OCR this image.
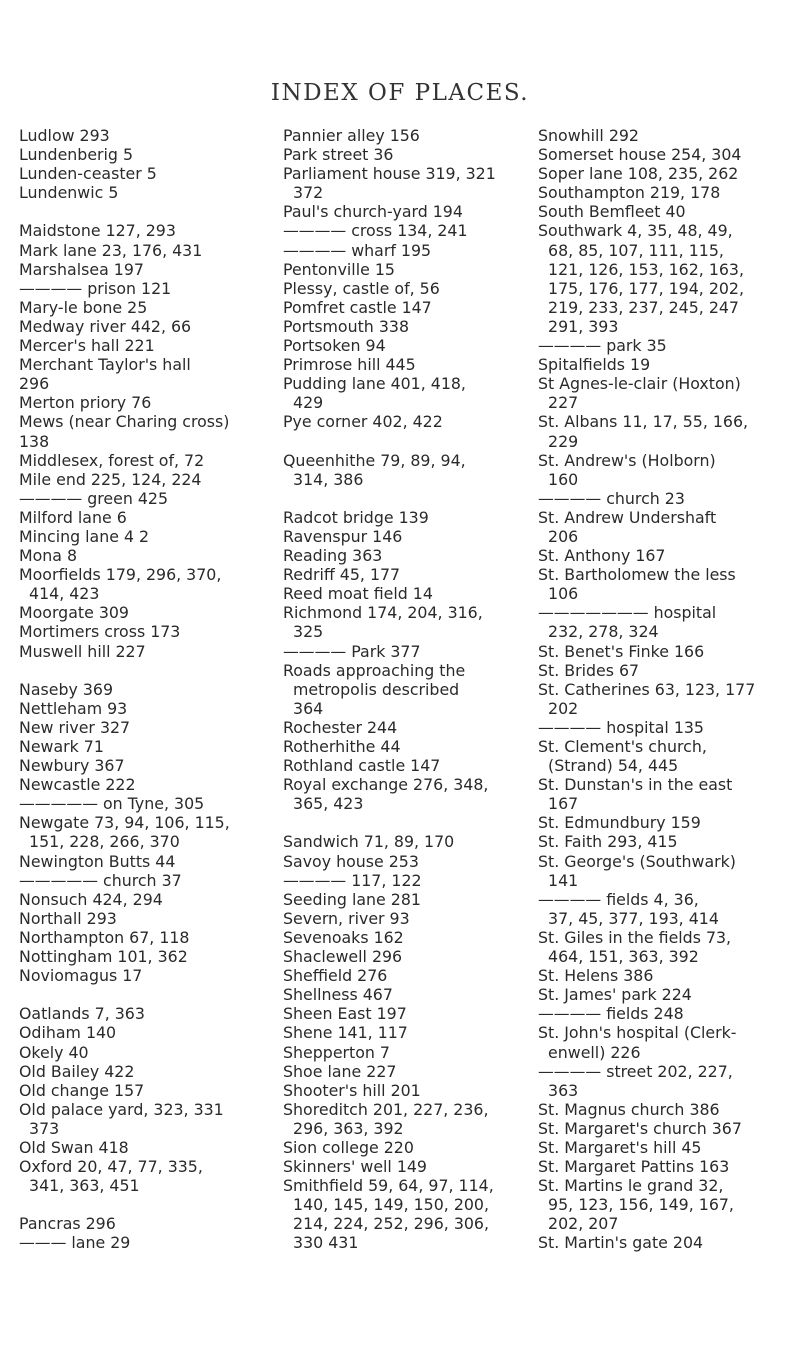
INDEX OF PLACES.
Ludlow 293
Lundenberig 5
Lunden-ceaster 5
Lundenwic 5

Maidstone 127, 293
Mark lane 23, 176, 431
Marshalsea 197
———— prison 121
Mary-le bone 25
Medway river 442, 66
Mercer's hall 221
Merchant Taylor's hall
296
Merton priory 76
Mews (near Charing cross)
138
Middlesex, forest of, 72
Mile end 225, 124, 224
———— green 425
Milford lane 6
Mincing lane 4 2
Mona 8
Moorfields 179, 296, 370,
414, 423
Moorgate 309
Mortimers cross 173
Muswell hill 227

Naseby 369
Nettleham 93
New river 327
Newark 71
Newbury 367
Newcastle 222
————— on Tyne, 305
Newgate 73, 94, 106, 115,
151, 228, 266, 370
Newington Butts 44
————— church 37
Nonsuch 424, 294
Northall 293
Northampton 67, 118
Nottingham 101, 362
Noviomagus 17

Oatlands 7, 363
Odiham 140
Okely 40
Old Bailey 422
Old change 157
Old palace yard, 323, 331
373
Old Swan 418
Oxford 20, 47, 77, 335,
341, 363, 451

Pancras 296
——— lane 29
Pannier alley 156
Park street 36
Parliament house 319, 321
372
Paul's church-yard 194
———— cross 134, 241
———— wharf 195
Pentonville 15
Plessy, castle of, 56
Pomfret castle 147
Portsmouth 338
Portsoken 94
Primrose hill 445
Pudding lane 401, 418,
429
Pye corner 402, 422

Queenhithe 79, 89, 94,
314, 386

Radcot bridge 139
Ravenspur 146
Reading 363
Redriff 45, 177
Reed moat field 14
Richmond 174, 204, 316,
325
———— Park 377
Roads approaching the
metropolis described
364
Rochester 244
Rotherhithe 44
Rothland castle 147
Royal exchange 276, 348,
365, 423

Sandwich 71, 89, 170
Savoy house 253
———— 117, 122
Seeding lane 281
Severn, river 93
Sevenoaks 162
Shaclewell 296
Sheffield 276
Shellness 467
Sheen East 197
Shene 141, 117
Shepperton 7
Shoe lane 227
Shooter's hill 201
Shoreditch 201, 227, 236,
296, 363, 392
Sion college 220
Skinners' well 149
Smithfield 59, 64, 97, 114,
140, 145, 149, 150, 200,
214, 224, 252, 296, 306,
330 431
Snowhill 292
Somerset house 254, 304
Soper lane 108, 235, 262
Southampton 219, 178
South Bemfleet 40
Southwark 4, 35, 48, 49,
68, 85, 107, 111, 115,
121, 126, 153, 162, 163,
175, 176, 177, 194, 202,
219, 233, 237, 245, 247
291, 393
———— park 35
Spitalfields 19
St Agnes-le-clair (Hoxton)
227
St. Albans 11, 17, 55, 166,
229
St. Andrew's (Holborn)
160
———— church 23
St. Andrew Undershaft
206
St. Anthony 167
St. Bartholomew the less
106
——————— hospital
232, 278, 324
St. Benet's Finke 166
St. Brides 67
St. Catherines 63, 123, 177
202
———— hospital 135
St. Clement's church,
(Strand) 54, 445
St. Dunstan's in the east
167
St. Edmundbury 159
St. Faith 293, 415
St. George's (Southwark)
141
———— fields 4, 36,
37, 45, 377, 193, 414
St. Giles in the fields 73,
464, 151, 363, 392
St. Helens 386
St. James' park 224
———— fields 248
St. John's hospital (Clerk-
enwell) 226
———— street 202, 227,
363
St. Magnus church 386
St. Margaret's church 367
St. Margaret's hill 45
St. Margaret Pattins 163
St. Martins le grand 32,
95, 123, 156, 149, 167,
202, 207
St. Martin's gate 204
